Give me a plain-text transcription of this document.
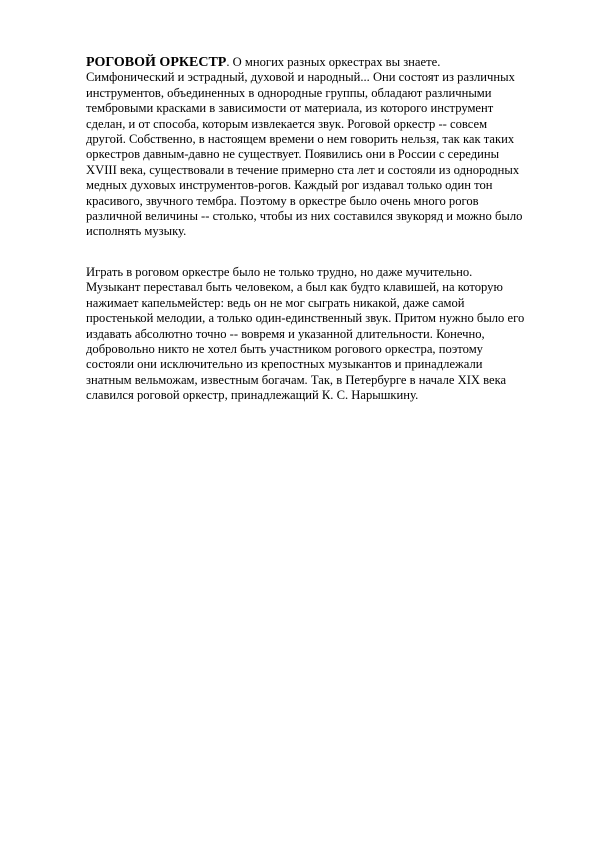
РОГОВОЙ ОРКЕСТР. О многих разных оркестрах вы знаете.
Симфонический и эстрадный, духовой и народный... Они состоят из различных
инструментов, объединенных в однородные группы, обладают различными
тембровыми красками в зависимости от материала, из которого инструмент
сделан, и от способа, которым извлекается звук. Роговой оркестр -- совсем
другой. Собственно, в настоящем времени о нем говорить нельзя, так как таких
оркестров давным-давно не существует. Появились они в России с середины
XVIII века, существовали в течение примерно ста лет и состояли из однородных
медных духовых инструментов-рогов. Каждый рог издавал только один тон
красивого, звучного тембра. Поэтому в оркестре было очень много рогов
различной величины -- столько, чтобы из них составился звукоряд и можно было
исполнять музыку.
Играть в роговом оркестре было не только трудно, но даже мучительно.
Музыкант переставал быть человеком, а был как будто клавишей, на которую
нажимает капельмейстер: ведь он не мог сыграть никакой, даже самой
простенькой мелодии, а только один-единственный звук. Притом нужно было его
издавать абсолютно точно -- вовремя и указанной длительности. Конечно,
добровольно никто не хотел быть участником рогового оркестра, поэтому
состояли они исключительно из крепостных музыкантов и принадлежали
знатным вельможам, известным богачам. Так, в Петербурге в начале XIX века
славился роговой оркестр, принадлежащий К. С. Нарышкину.
